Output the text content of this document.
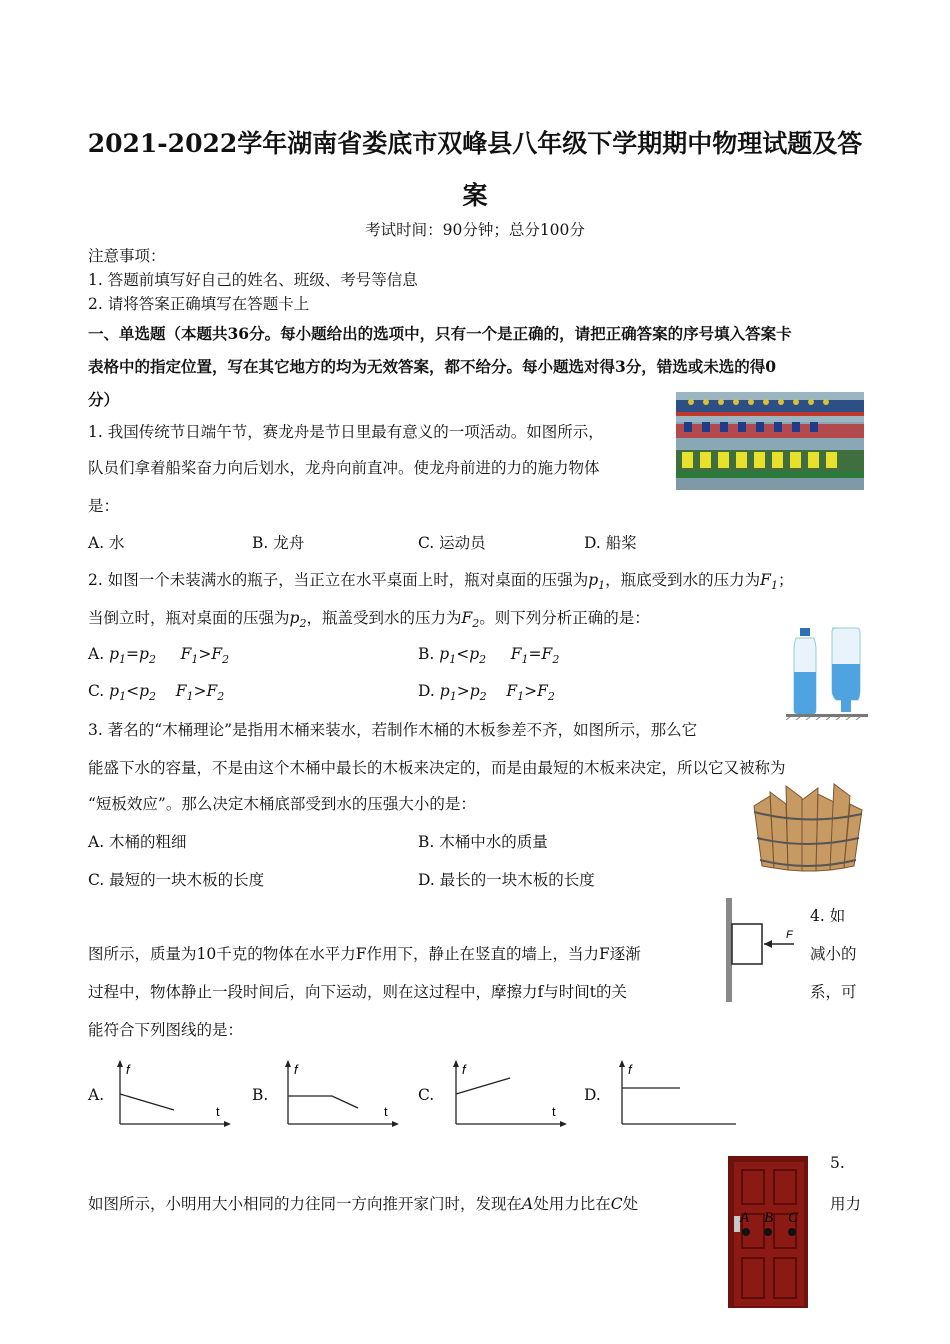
2021-2022学年湖南省娄底市双峰县八年级下学期期中物理试题及答
案
考试时间：90分钟；总分100分
注意事项：
1. 答题前填写好自己的姓名、班级、考号等信息
2. 请将答案正确填写在答题卡上
一、单选题（本题共36分。每小题给出的选项中，只有一个是正确的，请把正确答案的序号填入答案卡
表格中的指定位置，写在其它地方的均为无效答案，都不给分。每小题选对得3分，错选或未选的得0
分）
1. 我国传统节日端午节，赛龙舟是节日里最有意义的一项活动。如图所示，
队员们拿着船桨奋力向后划水，龙舟向前直冲。使龙舟前进的力的施力物体
是：
A. 水	B. 龙舟	C. 运动员	D. 船桨
2. 如图一个未装满水的瓶子，当正立在水平桌面上时，瓶对桌面的压强为$p_1$，瓶底受到水的压力为$F_1$；
当倒立时，瓶对桌面的压强为$p_2$，瓶盖受到水的压力为$F_2$。则下列分析正确的是：
A. $p_1=p_2$ $F_1>F_2$	B. $p_1<p_2$ $F_1=F_2$
C. $p_1<p_2$ $F_1>F_2$	D. $p_1>p_2$ $F_1>F_2$
3. 著名的“木桶理论”是指用木桶来装水，若制作木桶的木板参差不齐，如图所示，那么它
能盛下水的容量，不是由这个木桶中最长的木板来决定的，而是由最短的木板来决定，所以它又被称为
“短板效应”。那么决定木桶底部受到水的压强大小的是：
A. 木桶的粗细	B. 木桶中水的质量
C. 最短的一块木板的长度	D. 最长的一块木板的长度
4. 如
F
图所示，质量为10千克的物体在水平力F作用下，静止在竖直的墙上，当力F逐渐	减小的
过程中，物体静止一段时间后，向下运动，则在这过程中，摩擦力f与时间t的关	系，可
能符合下列图线的是：
A.
f
t
B.
f
t
C.
f
t
D.
f
5.
如图所示，小明用大小相同的力往同一方向推开家门时，发现在A处用力比在C处	用力
A B C
